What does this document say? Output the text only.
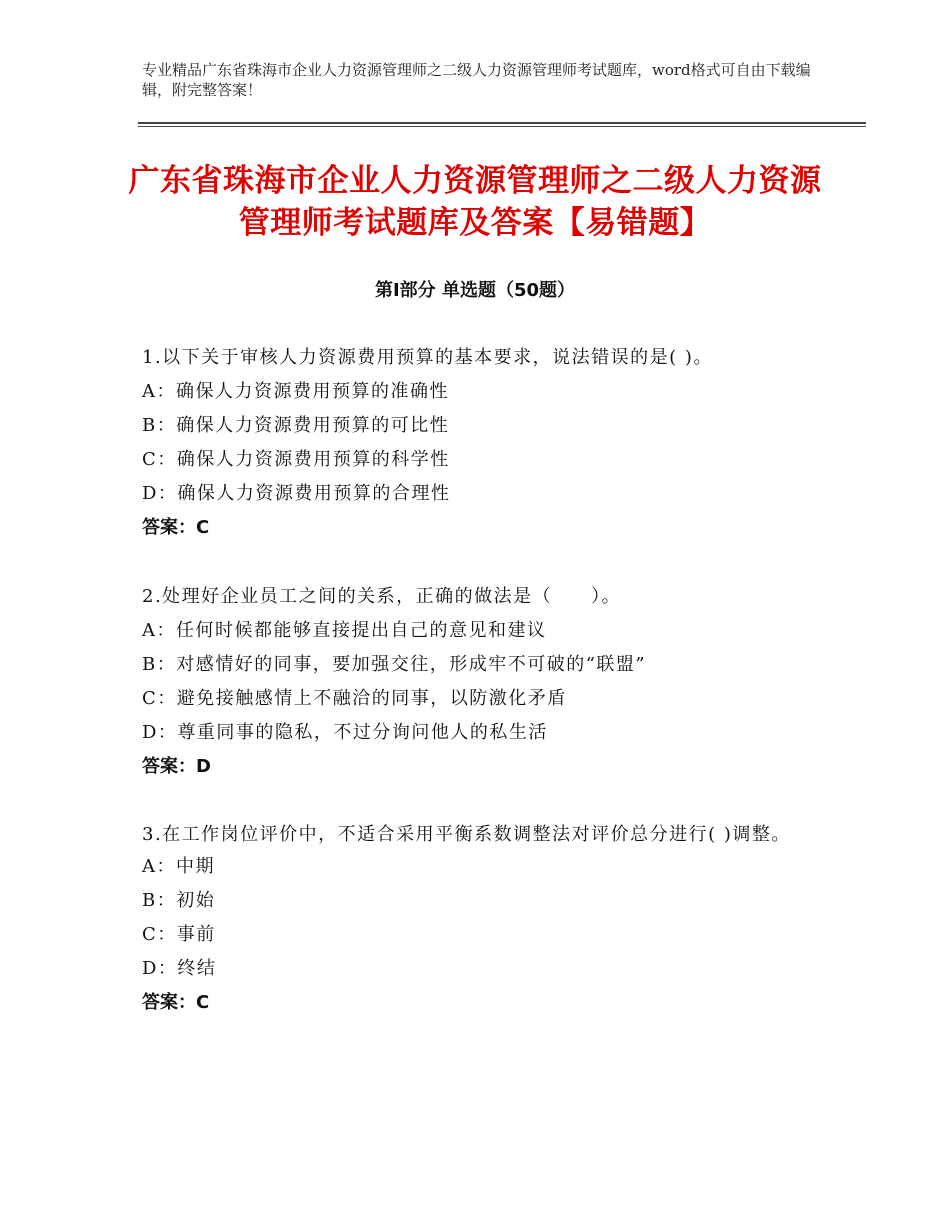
专业精品广东省珠海市企业人力资源管理师之二级人力资源管理师考试题库，word格式可自由下载编辑，附完整答案！
广东省珠海市企业人力资源管理师之二级人力资源管理师考试题库及答案【易错题】
第Ⅰ部分 单选题（50题）
1.以下关于审核人力资源费用预算的基本要求，说法错误的是( )。
A：确保人力资源费用预算的准确性
B：确保人力资源费用预算的可比性
C：确保人力资源费用预算的科学性
D：确保人力资源费用预算的合理性
答案：C
2.处理好企业员工之间的关系，正确的做法是（　　）。
A：任何时候都能够直接提出自己的意见和建议
B：对感情好的同事，要加强交往，形成牢不可破的“联盟”
C：避免接触感情上不融洽的同事，以防激化矛盾
D：尊重同事的隐私，不过分询问他人的私生活
答案：D
3.在工作岗位评价中，不适合采用平衡系数调整法对评价总分进行( )调整。
A：中期
B：初始
C：事前
D：终结
答案：C
